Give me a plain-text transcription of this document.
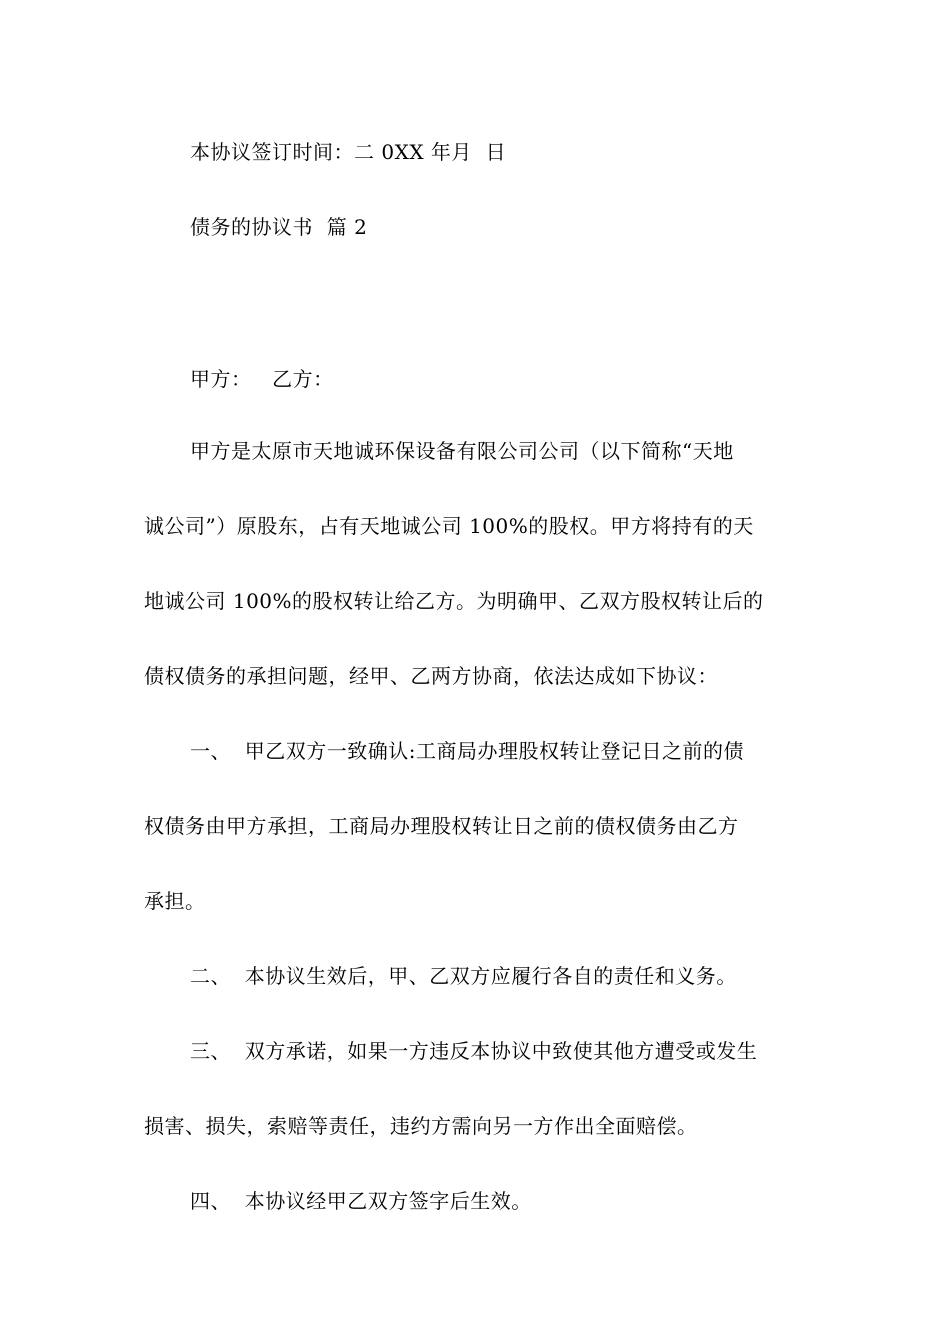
本协议签订时间：二 0XX 年月  日
债务的协议书  篇 2
甲方：   乙方：
甲方是太原市天地诚环保设备有限公司公司（以下简称“天地
诚公司”）原股东，占有天地诚公司 100%的股权。甲方将持有的天
地诚公司 100%的股权转让给乙方。为明确甲、乙双方股权转让后的
债权债务的承担问题，经甲、乙两方协商，依法达成如下协议：
一、  甲乙双方一致确认:工商局办理股权转让登记日之前的债
权债务由甲方承担，工商局办理股权转让日之前的债权债务由乙方
承担。
二、  本协议生效后，甲、乙双方应履行各自的责任和义务。
三、  双方承诺，如果一方违反本协议中致使其他方遭受或发生
损害、损失，索赔等责任，违约方需向另一方作出全面赔偿。
四、  本协议经甲乙双方签字后生效。
